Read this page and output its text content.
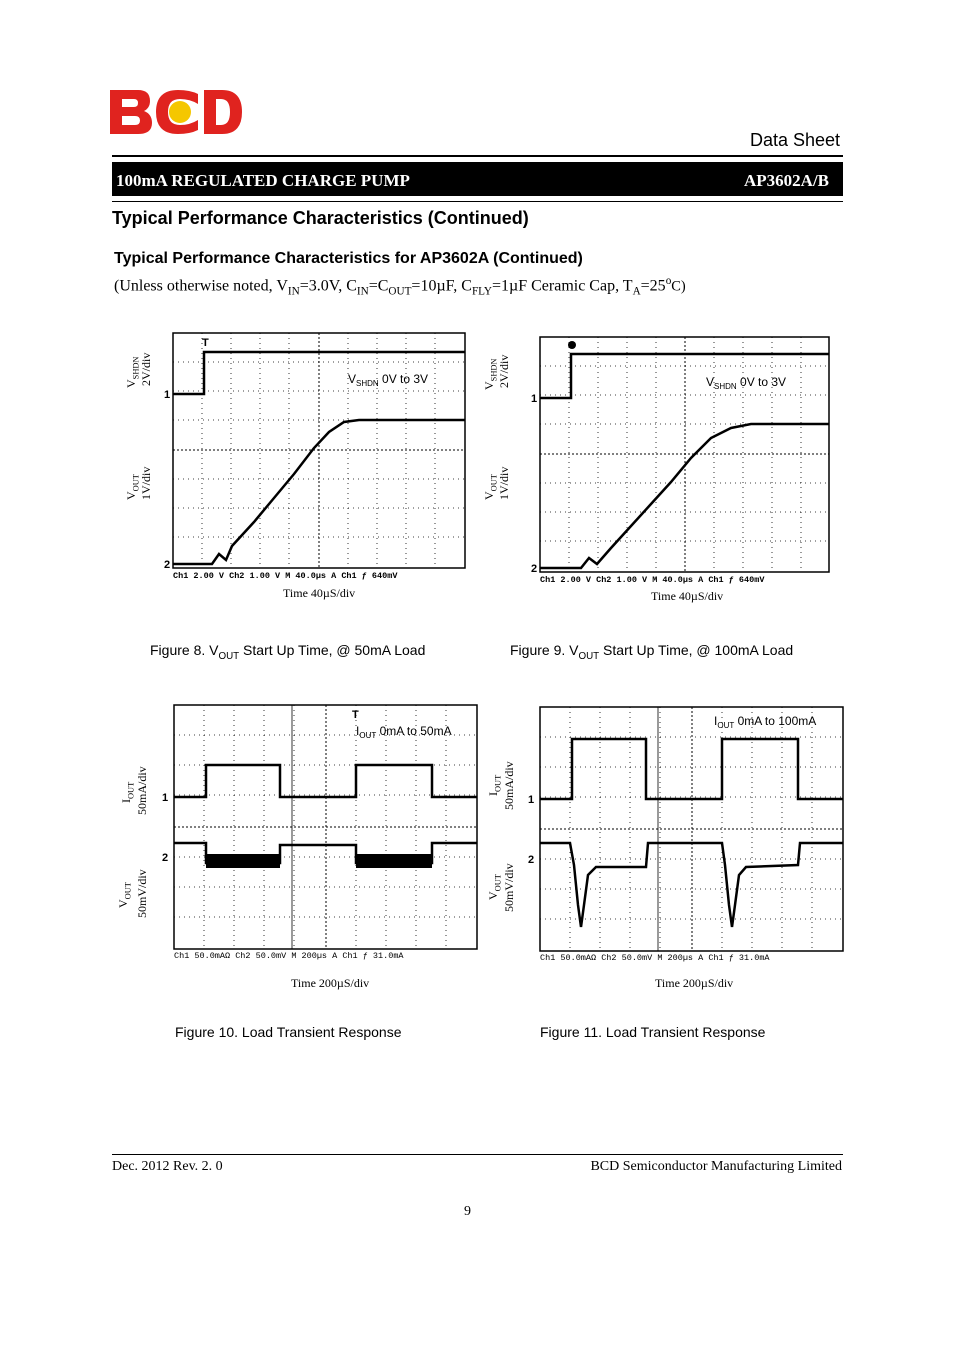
Data Sheet
100mA REGULATED CHARGE PUMP	AP3602A/B
Typical Performance Characteristics (Continued)
Typical Performance Characteristics for AP3602A (Continued)
(Unless otherwise noted, $V_{IN}=3.0V$, $C_{IN}=C_{OUT}=10\mu F$, $C_{FLY}=1\mu F$ Ceramic Cap, $T_A=25^oC$)
$V_{SHDN}$
2V/div
$V_{OUT}$
1V/div
1
2
T
$V_{SHDN}$ 0V to 3V
Ch1 2.00 V Ch2 1.00 V M 40.0µs A Ch1 ƒ 640mV
Time 40µS/div
Figure 8. $V_{OUT}$ Start Up Time, @ 50mA Load
$V_{SHDN}$
2V/div
$V_{OUT}$
1V/div
1
2
$V_{SHDN}$ 0V to 3V
Ch1 2.00 V Ch2 1.00 V M 40.0µs A Ch1 ƒ 640mV
Time 40µS/div
Figure 9. $V_{OUT}$ Start Up Time, @ 100mA Load
$I_{OUT}$ 50mA/div
$V_{OUT}$ 50mV/div
1
2
T
$I_{OUT}$ 0mA to 50mA
Ch1 50.0mAΩ Ch2 50.0mV M 200µs A Ch1 ƒ 31.0mA
Time 200µS/div
Figure 10. Load Transient Response
$I_{OUT}$ 50mA/div
$V_{OUT}$ 50mV/div
1
2
$I_{OUT}$ 0mA to 100mA
Ch1 50.0mAΩ Ch2 50.0mV M 200µs A Ch1 ƒ 31.0mA
Time 200µS/div
Figure 11. Load Transient Response
Dec. 2012 Rev. 2. 0	BCD Semiconductor Manufacturing Limited
9
